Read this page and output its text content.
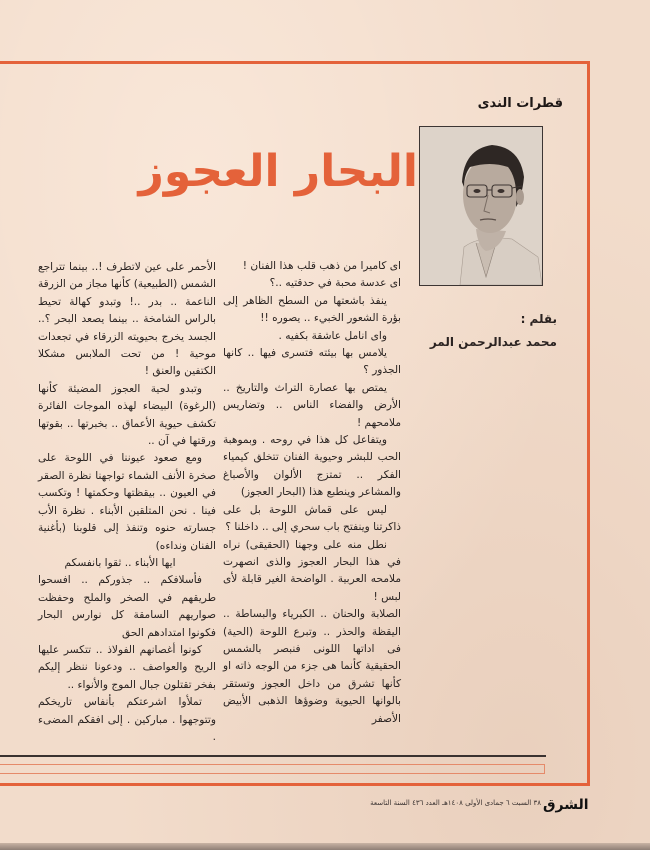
قطرات الندى
البحار العجوز
بقلم :
محمد عبدالرحمن المر

اى كاميرا من ذهب قلب هذا الفنان !

اى عدسة محبة في حدقتيه ..؟

ينفذ باشعتها من السطح الظاهر إلى بؤرة الشعور الخبيء .. يصوره !!

واى انامل عاشقة بكفيه .

يلامس بها بيئته فتسرى فيها .. كانها الجذور ؟

يمتص بها عصارة التراث والتاريخ .. الأرض والفضاء الناس .. وتضاريس ملامحهم !

ويتفاعل كل هذا في روحه . وبموهبة الحب للبشر وحيوية الفنان تتخلق كيمياء الفكر .. تمتزج الألوان والأصباغ والمشاعر وينطبع هذا (البحار العجوز)

ليس على قماش اللوحة بل على ذاكرتنا وينفتح باب سحري إلى .. داخلنا ؟

نطل منه على وجهنا (الحقيقى) نراه في هذا البحار العجوز والذى انصهرت ملامحه العربية . الواضحة الغير قابلة لأى لبس !

الصلابة والحنان .. الكبرياء والبساطة .. اليقظة والحذر .. وتبرع اللوحة (الحية) فى اداتها اللونى فنبصر بالشمس الحقيقية كأنما هى جزء من الوجه ذاته او كأنها تشرق من داخل العجوز وتستقر بالوانها الحيوية وضوؤها الذهبى الأبيض الأصفر

الأحمر على عين لاتطرف !.. بينما تتراجع الشمس (الطبيعية) كأنها مجاز من الزرقة الناعمة .. بدر ..! وتبدو كهالة تحيط بالراس الشامخة .. بينما يصعد البحر ؟.. الجسد يخرج بحيويته الزرقاء في تجعدات موحية ! من تحت الملابس مشكلا الكتفين والعنق !

وتبدو لحية العجوز المضيئة كأنها (الرغوة) البيضاء لهذه الموجات الفائرة تكشف حيوية الأعماق .. بخبرتها .. بقوتها ورقتها في آن ..

ومع صعود عيوننا في اللوحة على صخرة الأنف الشماء تواجهنا نظرة الصقر في العيون .. بيقظتها وحكمتها ! وتكسب فينا . نحن المتلقين الأبناء . نظرة الأب جسارته حنوه وتنفذ إلى قلوبنا (بأغنية الفنان ونداءه)

ايها الأبناء .. ثقوا بانفسكم

فأسلافكم .. جذوركم .. افسحوا طريقهم في الصخر والملح وحفظت صواريهم السامقة كل نوارس البحار فكونوا امتدادهم الحق

كونوا أغصانهم الفولاذ .. تتكسر عليها الريح والعواصف .. ودعونا ننظر إليكم بفخر تقتلون جبال الموج والأنواء ..

تملأوا اشرعتكم بأنفاس تاريخكم وتتوجهوا . مباركين . إلى افقكم المضىء .

الشرق
٣٨ السبت ٦ جمادى الأولى ١٤٠٨هـ العدد ٤٣٦ السنة التاسعة
